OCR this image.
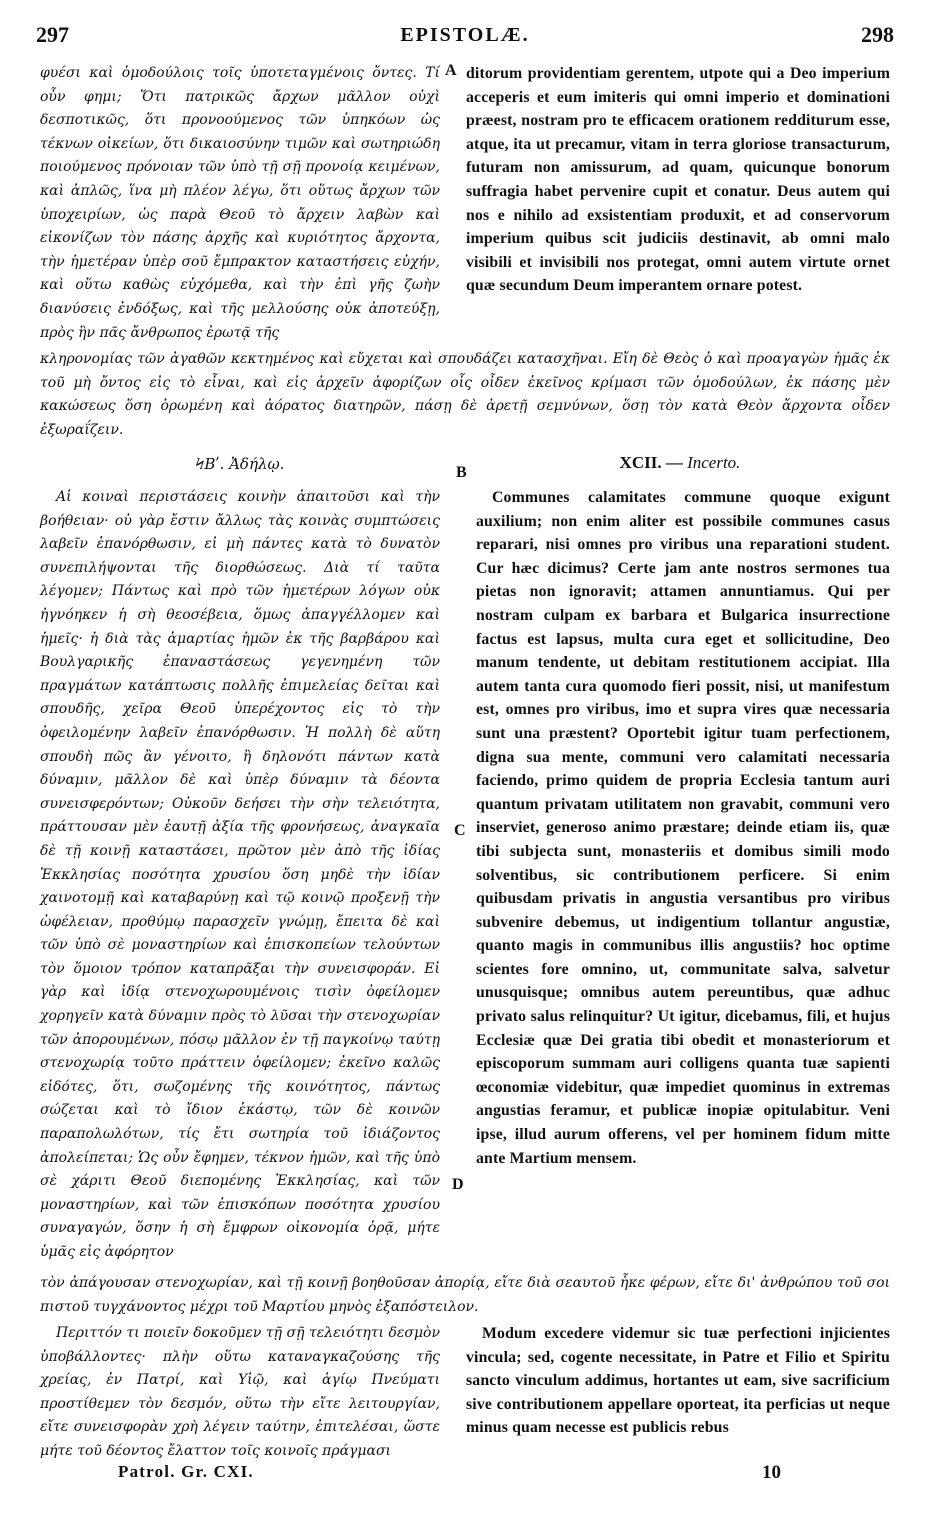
297	EPISTOLÆ.	298

φυέσι καὶ ὁμοδούλοις τοῖς ὑποτεταγμένοις ὄντες. Τί οὖν φημι; Ὅτι πατρικῶς ἄρχων μᾶλλον οὐχὶ δεσποτικῶς, ὅτι προνοούμενος τῶν ὑπηκόων ὡς τέκνων οἰκείων, ὅτι δικαιοσύνην τιμῶν καὶ σωτηριώδη ποιούμενος πρόνοιαν τῶν ὑπὸ τῇ σῇ προνοίᾳ κειμένων, καὶ ἁπλῶς, ἵνα μὴ πλέον λέγω, ὅτι οὕτως ἄρχων τῶν ὑποχειρίων, ὡς παρὰ Θεοῦ τὸ ἄρχειν λαβὼν καὶ εἰκονίζων τὸν πάσης ἀρχῆς καὶ κυριότητος ἄρχοντα, τὴν ἡμετέραν ὑπὲρ σοῦ ἔμπρακτον καταστήσεις εὐχήν, καὶ οὕτω καθὼς εὐχόμεθα, καὶ τὴν ἐπὶ γῆς ζωὴν διανύσεις ἐνδόξως, καὶ τῆς μελλούσης οὐκ ἀποτεύξῃ, πρὸς ἣν πᾶς ἄνθρωπος ἐρωτᾷ τῆς

A ditorum providentiam gerentem, utpote qui a Deo imperium acceperis et eum imiteris qui omni imperio et dominationi præest, nostram pro te efficacem orationem redditurum esse, atque, ita ut precamur, vitam in terra gloriose transacturum, futuram non amissurum, ad quam, quicunque bonorum suffragia habet pervenire cupit et conatur. Deus autem qui nos e nihilo ad exsistentiam produxit, et ad conservorum imperium quibus scit judiciis destinavit, ab omni malo visibili et invisibili nos protegat, omni autem virtute ornet quæ secundum Deum imperantem ornare potest.

κληρονομίας τῶν ἀγαθῶν κεκτημένος καὶ εὔχεται καὶ σπουδάζει κατασχῆναι. Εἴη δὲ Θεὸς ὁ καὶ προαγαγὼν ἡμᾶς ἐκ τοῦ μὴ ὄντος εἰς τὸ εἶναι, καὶ εἰς ἀρχεῖν ἀφορίζων οἷς οἶδεν ἐκεῖνος κρίμασι τῶν ὁμοδούλων, ἐκ πάσης μὲν κακώσεως ὅση ὁρωμένη καὶ ἀόρατος διατηρῶν, πάσῃ δὲ ἀρετῇ σεμνύνων, ὅσῃ τὸν κατὰ Θεὸν ἄρχοντα οἶδεν ἐξωραΐζειν.
ϞΒʹ. Ἀδήλῳ.	B
XCII. — Incerto.

Αἱ κοιναὶ περιστάσεις κοινὴν ἀπαιτοῦσι καὶ τὴν βοήθειαν· οὐ γὰρ ἔστιν ἄλλως τὰς κοινὰς συμπτώσεις λαβεῖν ἐπανόρθωσιν, εἰ μὴ πάντες κατὰ τὸ δυνατὸν συνεπιλήψονται τῆς διορθώσεως. Διὰ τί ταῦτα λέγομεν; Πάντως καὶ πρὸ τῶν ἡμετέρων λόγων οὐκ ἠγνόηκεν ἡ σὴ θεοσέβεια, ὅμως ἀπαγγέλλομεν καὶ ἡμεῖς· ἡ διὰ τὰς ἁμαρτίας ἡμῶν ἐκ τῆς βαρβάρου καὶ Βουλγαρικῆς ἐπαναστάσεως γεγενημένη τῶν πραγμάτων κατάπτωσις πολλῆς ἐπιμελείας δεῖται καὶ σπουδῆς, χεῖρα Θεοῦ ὑπερέχοντος εἰς τὸ τὴν ὀφειλομένην λαβεῖν ἐπανόρθωσιν. Ἡ πολλὴ δὲ αὕτη σπουδὴ πῶς ἂν γένοιτο, ἢ δηλονότι πάντων κατὰ δύναμιν, μᾶλλον δὲ καὶ ὑπὲρ δύναμιν τὰ δέοντα συνεισφερόντων; Οὐκοῦν δεήσει τὴν σὴν τελειότητα, πράττουσαν μὲν ἑαυτῇ ἀξία τῆς φρονήσεως, ἀναγκαῖα δὲ τῇ κοινῇ καταστάσει, πρῶτον μὲν ἀπὸ τῆς ἰδίας Ἐκκλησίας ποσότητα χρυσίου ὅση μηδὲ τὴν ἰδίαν χαινοτομῇ καὶ καταβαρύνῃ καὶ τῷ κοινῷ προξενῇ τὴν ὠφέλειαν, προθύμῳ παρασχεῖν γνώμῃ, ἔπειτα δὲ καὶ τῶν ὑπὸ σὲ μοναστηρίων καὶ ἐπισκοπείων τελούντων τὸν ὅμοιον τρόπον καταπρᾶξαι τὴν συνεισφοράν. Εἰ γὰρ καὶ ἰδίᾳ στενοχωρουμένοις τισὶν ὀφείλομεν χορηγεῖν κατὰ δύναμιν πρὸς τὸ λῦσαι τὴν στενοχωρίαν τῶν ἀπορουμένων, πόσῳ μᾶλλον ἐν τῇ παγκοίνῳ ταύτῃ στενοχωρίᾳ τοῦτο πράττειν ὀφείλομεν; ἐκεῖνο καλῶς εἰδότες, ὅτι, σωζομένης τῆς κοινότητος, πάντως σώζεται καὶ τὸ ἴδιον ἑκάστῳ, τῶν δὲ κοινῶν παραπολωλότων, τίς ἔτι σωτηρία τοῦ ἰδιάζοντος ἀπολείπεται; Ὡς οὖν ἔφημεν, τέκνον ἡμῶν, καὶ τῆς ὑπὸ σὲ χάριτι Θεοῦ διεπομένης Ἐκκλησίας, καὶ τῶν μοναστηρίων, καὶ τῶν ἐπισκόπων ποσότητα χρυσίου συναγαγών, ὅσην ἡ σὴ ἔμφρων οἰκονομία ὁρᾷ, μήτε ὑμᾶς εἰς ἀφόρητον

C
D

Communes calamitates commune quoque exigunt auxilium; non enim aliter est possibile communes casus reparari, nisi omnes pro viribus una reparationi student. Cur hæc dicimus? Certe jam ante nostros sermones tua pietas non ignoravit; attamen annuntiamus. Qui per nostram culpam ex barbara et Bulgarica insurrectione factus est lapsus, multa cura eget et sollicitudine, Deo manum tendente, ut debitam restitutionem accipiat. Illa autem tanta cura quomodo fieri possit, nisi, ut manifestum est, omnes pro viribus, imo et supra vires quæ necessaria sunt una præstent? Oportebit igitur tuam perfectionem, digna sua mente, communi vero calamitati necessaria faciendo, primo quidem de propria Ecclesia tantum auri quantum privatam utilitatem non gravabit, communi vero inserviet, generoso animo præstare; deinde etiam iis, quæ tibi subjecta sunt, monasteriis et domibus simili modo solventibus, sic contributionem perficere. Si enim quibusdam privatis in angustia versantibus pro viribus subvenire debemus, ut indigentium tollantur angustiæ, quanto magis in communibus illis angustiis? hoc optime scientes fore omnino, ut, communitate salva, salvetur unusquisque; omnibus autem pereuntibus, quæ adhuc privato salus relinquitur? Ut igitur, dicebamus, fili, et hujus Ecclesiæ quæ Dei gratia tibi obedit et monasteriorum et episcoporum summam auri colligens quanta tuæ sapienti œconomiæ videbitur, quæ impediet quominus in extremas angustias feramur, et publicæ inopiæ opitulabitur. Veni ipse, illud aurum offerens, vel per hominem fidum mitte ante Martium mensem.

τὸν ἀπάγουσαν στενοχωρίαν, καὶ τῇ κοινῇ βοηθοῦσαν ἀπορίᾳ, εἴτε διὰ σεαυτοῦ ἧκε φέρων, εἴτε δι' ἀνθρώπου τοῦ σοι πιστοῦ τυγχάνοντος μέχρι τοῦ Μαρτίου μηνὸς ἐξαπόστειλον.

Περιττόν τι ποιεῖν δοκοῦμεν τῇ σῇ τελειότητι δεσμὸν ὑποβάλλοντες· πλὴν οὕτω καταναγκαζούσης τῆς χρείας, ἐν Πατρί, καὶ Υἱῷ, καὶ ἁγίῳ Πνεύματι προστίθεμεν τὸν δεσμόν, οὕτω τὴν εἴτε λειτουργίαν, εἴτε συνεισφορὰν χρὴ λέγειν ταύτην, ἐπιτελέσαι, ὥστε μήτε τοῦ δέοντος ἔλαττον τοῖς κοινοῖς πράγμασι

Modum excedere videmur sic tuæ perfectioni injicientes vincula; sed, cogente necessitate, in Patre et Filio et Spiritu sancto vinculum addimus, hortantes ut eam, sive sacrificium sive contributionem appellare oporteat, ita perficias ut neque minus quam necesse est publicis rebus

Patrol. Gr. CXI.	10
